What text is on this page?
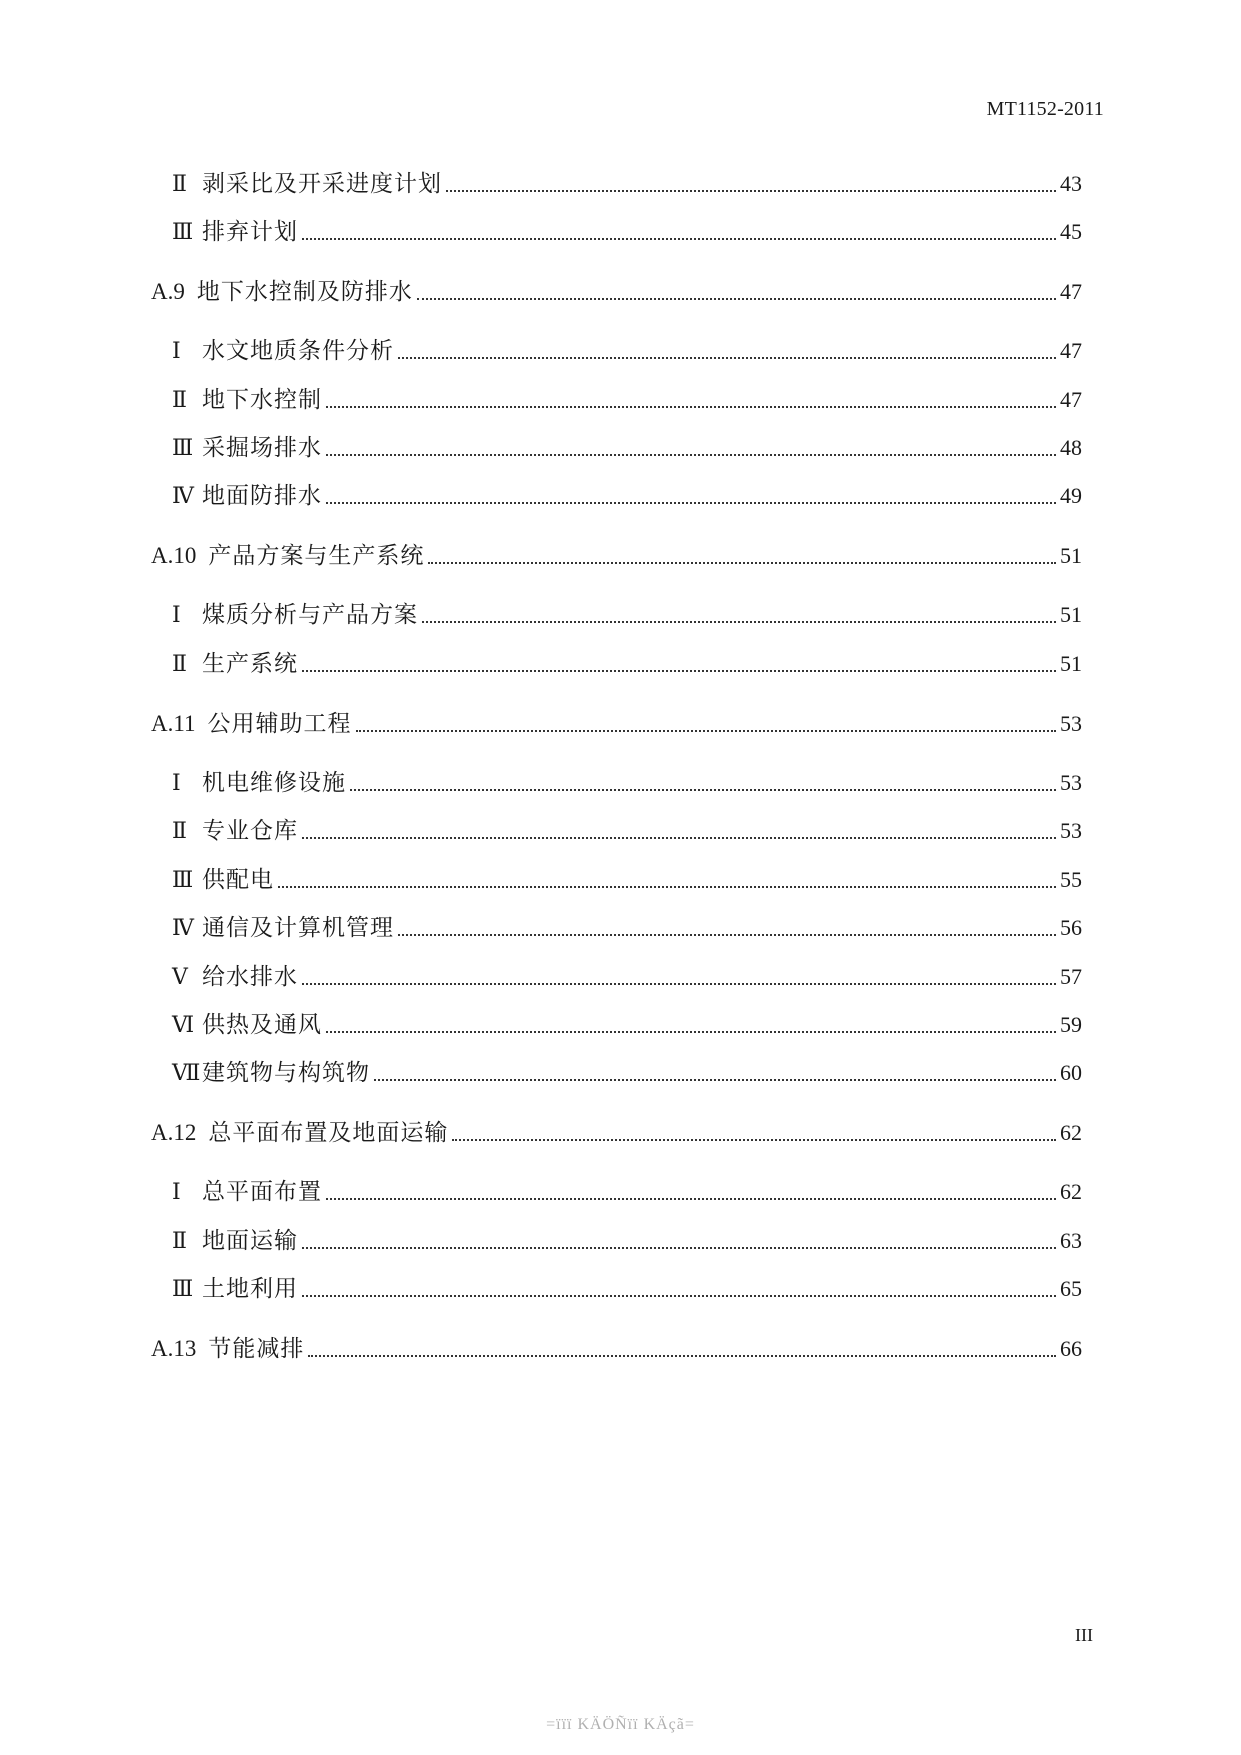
MT1152-2011
Ⅱ 剥采比及开采进度计划	43
Ⅲ 排弃计划	45
A.9 地下水控制及防排水	47
Ⅰ 水文地质条件分析	47
Ⅱ 地下水控制	47
Ⅲ 采掘场排水	48
Ⅳ 地面防排水	49
A.10 产品方案与生产系统	51
Ⅰ 煤质分析与产品方案	51
Ⅱ 生产系统	51
A.11 公用辅助工程	53
Ⅰ 机电维修设施	53
Ⅱ 专业仓库	53
Ⅲ 供配电	55
Ⅳ 通信及计算机管理	56
Ⅴ 给水排水	57
Ⅵ 供热及通风	59
Ⅶ 建筑物与构筑物	60
A.12 总平面布置及地面运输	62
Ⅰ 总平面布置	62
Ⅱ 地面运输	63
Ⅲ 土地利用	65
A.13 节能减排	66
III
=ïïï KÄÖÑïï KÄçã=
